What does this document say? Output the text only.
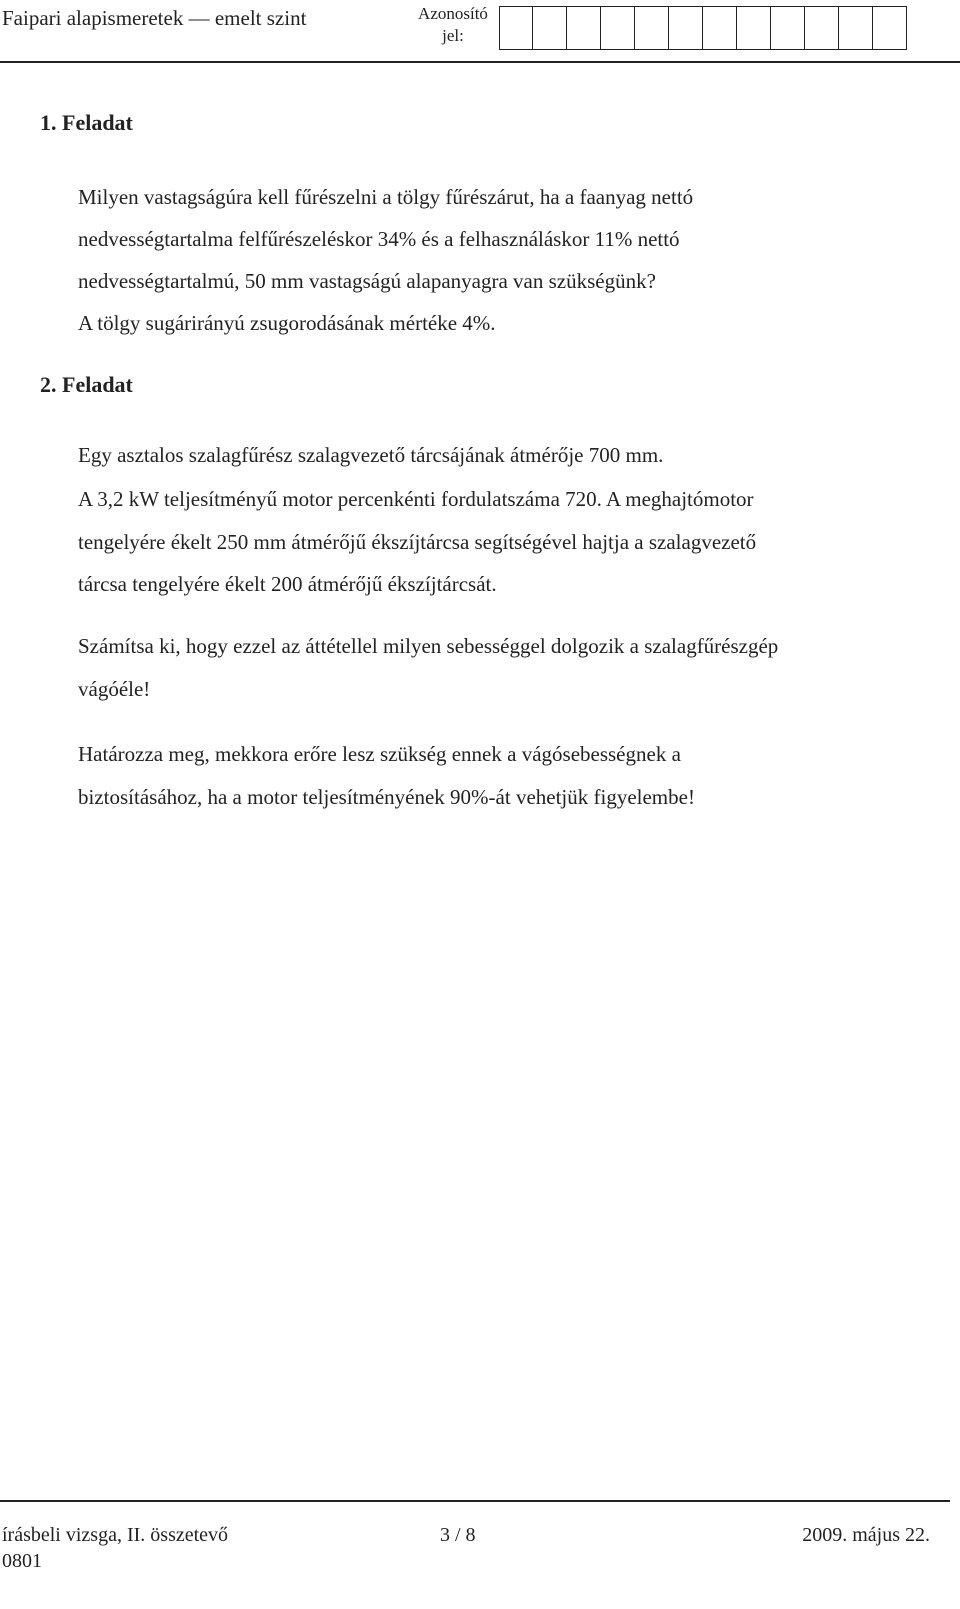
Faipari alapismeretek — emelt szint	Azonosító jel:
1. Feladat

Milyen vastagságúra kell fűrészelni a tölgy fűrészárut, ha a faanyag nettó
nedvességtartalma felfűrészeléskor 34% és a felhasználáskor 11% nettó
nedvességtartalmú, 50 mm vastagságú alapanyagra van szükségünk?
A tölgy sugárirányú zsugorodásának mértéke 4%.

2. Feladat

Egy asztalos szalagfűrész szalagvezető tárcsájának átmérője 700 mm.

A 3,2 kW teljesítményű motor percenkénti fordulatszáma 720. A meghajtómotor
tengelyére ékelt 250 mm átmérőjű ékszíjtárcsa segítségével hajtja a szalagvezető
tárcsa tengelyére ékelt 200 átmérőjű ékszíjtárcsát.

Számítsa ki, hogy ezzel az áttétellel milyen sebességgel dolgozik a szalagfűrészgép
vágóéle!

Határozza meg, mekkora erőre lesz szükség ennek a vágósebességnek a
biztosításához, ha a motor teljesítményének 90%-át vehetjük figyelembe!

írásbeli vizsga, II. összetevő
0801
3 / 8	2009. május 22.
